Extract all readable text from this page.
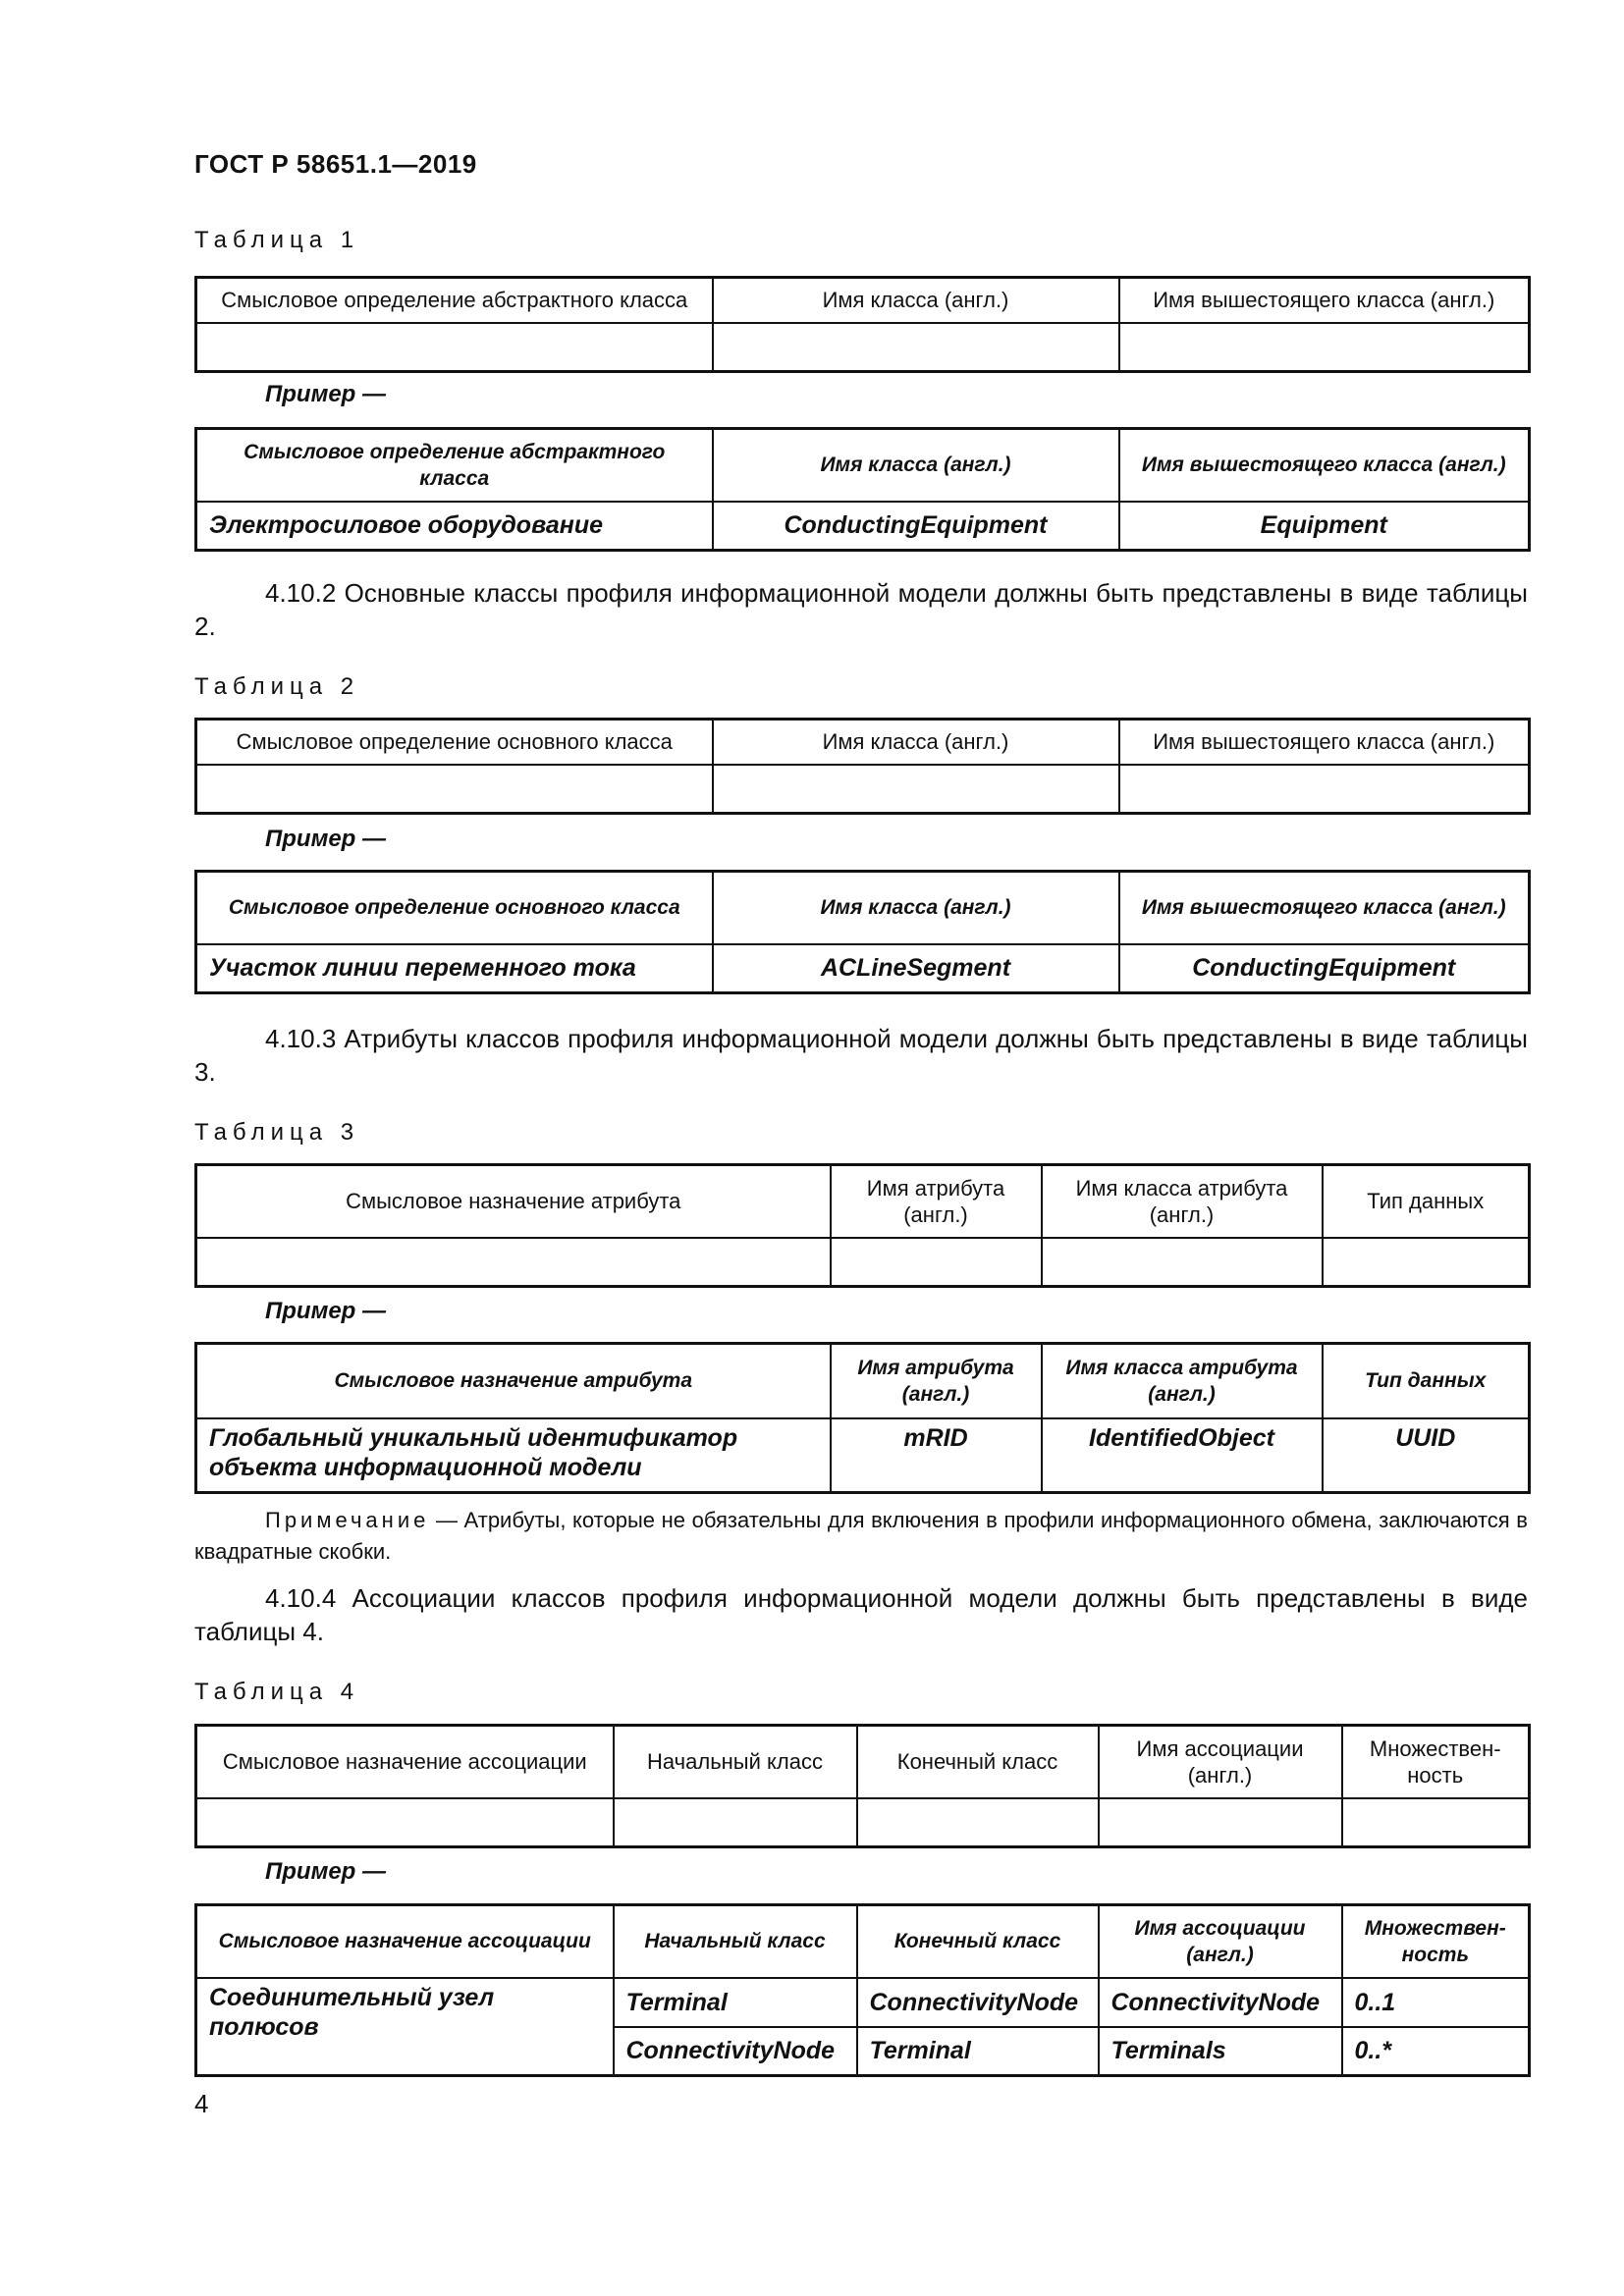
ГОСТ Р 58651.1—2019
Таблица 1
Смысловое определение абстрактного класса	Имя класса (англ.)	Имя вышестоящего класса (англ.)

Пример —
Смысловое определение абстрактного класса	Имя класса (англ.)	Имя вышестоящего класса (англ.)
Электросиловое оборудование	ConductingEquipment	Equipment
4.10.2 Основные классы профиля информационной модели должны быть представлены в виде таблицы 2.
Таблица 2
Смысловое определение основного класса	Имя класса (англ.)	Имя вышестоящего класса (англ.)

Пример —
Смысловое определение основного класса	Имя класса (англ.)	Имя вышестоящего класса (англ.)
Участок линии переменного тока	ACLineSegment	ConductingEquipment
4.10.3 Атрибуты классов профиля информационной модели должны быть представлены в виде таблицы 3.
Таблица 3
Смысловое назначение атрибута	Имя атрибута (англ.)	Имя класса атрибута (англ.)	Тип данных

Пример —
Смысловое назначение атрибута	Имя атрибута (англ.)	Имя класса атрибута (англ.)	Тип данных
Глобальный уникальный идентификатор объекта информационной модели	mRID	IdentifiedObject	UUID
Примечание — Атрибуты, которые не обязательны для включения в профили информационного обмена, заключаются в квадратные скобки.
4.10.4 Ассоциации классов профиля информационной модели должны быть представлены в виде таблицы 4.
Таблица 4
Смысловое назначение ассоциации	Начальный класс	Конечный класс	Имя ассоциации (англ.)	Множествен-ность

Пример —
Смысловое назначение ассоциации	Начальный класс	Конечный класс	Имя ассоциации (англ.)	Множествен-ность
Соединительный узел полюсов	Terminal	ConnectivityNode	ConnectivityNode	0..1
	ConnectivityNode	Terminal	Terminals	0..*
4
